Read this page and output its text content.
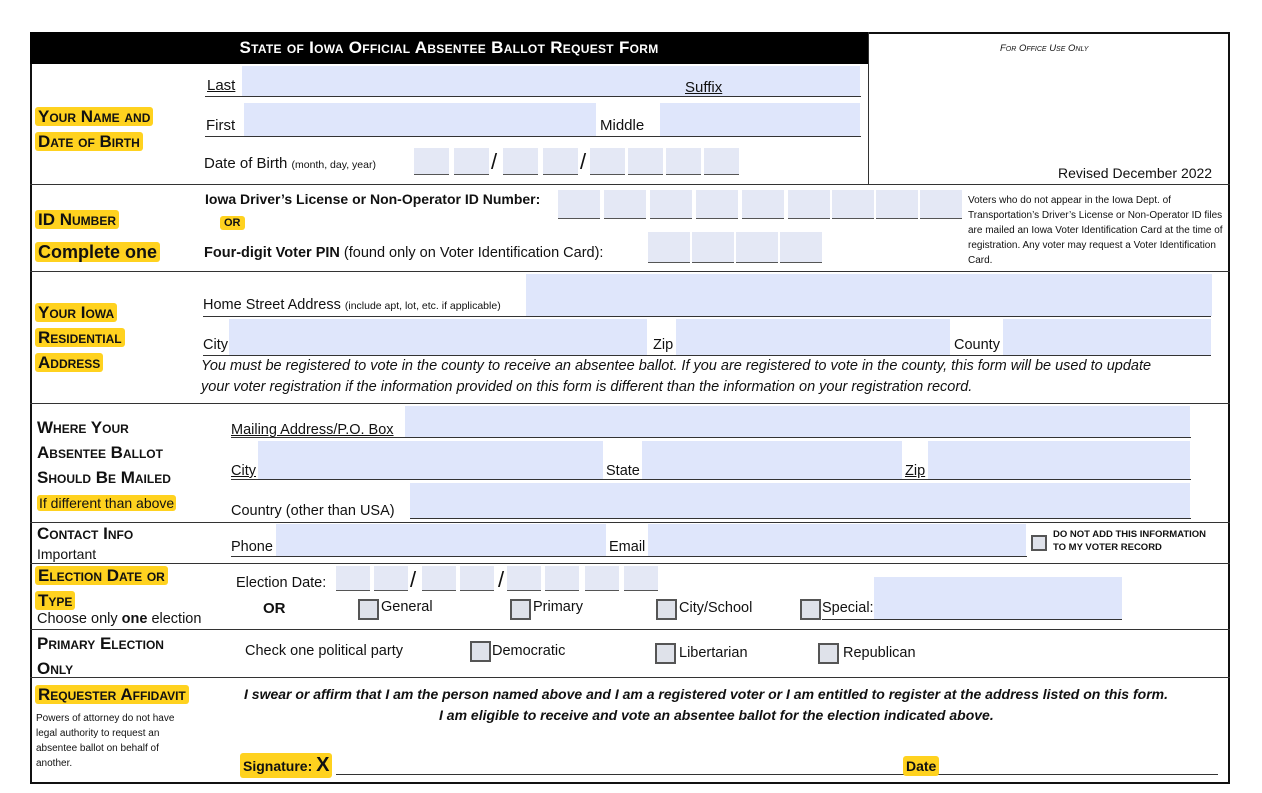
State of Iowa Official Absentee Ballot Request Form	For Office Use Only
Revised December 2022
Your Name and
Date of Birth
Last	Suffix
First	Middle
Date of Birth (month, day, year)	/	/
ID Number
Complete one
Iowa Driver’s License or Non-Operator ID Number:
OR
Four-digit Voter PIN (found only on Voter Identification Card):
Voters who do not appear in the Iowa Dept. of Transportation’s Driver’s License or Non-Operator ID files are mailed an Iowa Voter Identification Card at the time of registration. Any voter may request a Voter Identification Card.
Your Iowa
Residential
Address
Home Street Address (include apt, lot, etc. if applicable)
City	Zip	County
You must be registered to vote in the county to receive an absentee ballot. If you are registered to vote in the county, this form will be used to update
your voter registration if the information provided on this form is different than the information on your registration record.
Where Your
Absentee Ballot
Should Be Mailed
If different than above
Mailing Address/P.O. Box
City	State	Zip
Country (other than USA)
Contact Info
Important	Phone	Email
DO NOT ADD THIS INFORMATION
TO MY VOTER RECORD
Election Date or
Type
Choose only one election
Election Date:	/	/
OR	General	Primary	City/School	Special:
Primary Election
Only
Check one political party	Democratic	Libertarian	Republican
Requester Affidavit
Powers of attorney do not have legal authority to request an absentee ballot on behalf of another.
I swear or affirm that I am the person named above and I am a registered voter or I am entitled to register at the address listed on this form.
I am eligible to receive and vote an absentee ballot for the election indicated above.
Signature: X	Date
